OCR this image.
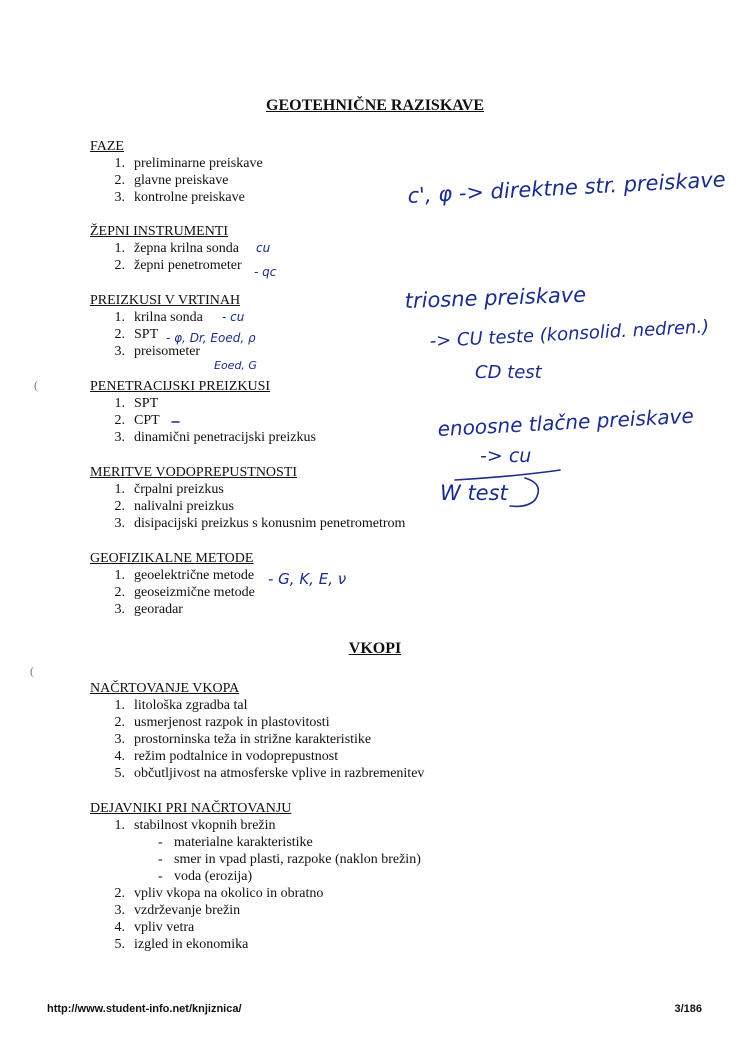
GEOTEHNIČNE RAZISKAVE
FAZE
1. preliminarne preiskave
2. glavne preiskave
3. kontrolne preiskave
ŽEPNI INSTRUMENTI
1. žepna krilna sonda
2. žepni penetrometer
PREIZKUSI V VRTINAH
1. krilna sonda
2. SPT
3. preisometer
PENETRACIJSKI PREIZKUSI
1. SPT
2. CPT
3. dinamični penetracijski preizkus
MERITVE VODOPREPUSTNOSTI
1. črpalni preizkus
2. nalivalni preizkus
3. disipacijski preizkus s konusnim penetrometrom
GEOFIZIKALNE METODE
1. geoelektrične metode
2. geoseizmične metode
3. georadar
VKOPI
NAČRTOVANJE VKOPA
1. litološka zgradba tal
2. usmerjenost razpok in plastovitosti
3. prostorninska teža in strižne karakteristike
4. režim podtalnice in vodoprepustnost
5. občutljivost na atmosferske vplive in razbremenitev
DEJAVNIKI PRI NAČRTOVANJU
1. stabilnost vkopnih brežin
- materialne karakteristike
- smer in vpad plasti, razpoke (naklon brežin)
- voda (erozija)
2. vpliv vkopa na okolico in obratno
3. vzdrževanje brežin
4. vpliv vetra
5. izgled in ekonomika
(
(
c', φ -> direktne str. preiskave
triosne preiskave
-> CU teste (konsolid. nedren.)
CD test
enoosne tlačne preiskave
-> cu
W test
cu
- qc
- cu
- φ, Dr, Eoed, ρ
Eoed, G
- G, K, E, ν
http://www.student-info.net/knjiznica/	3/186
